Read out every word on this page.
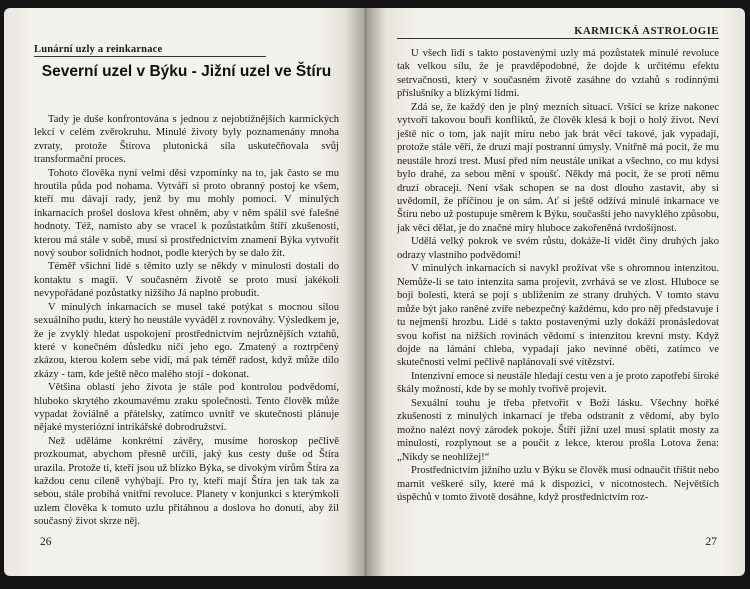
Lunární uzly a reinkarnace
Severní uzel v Býku - Jižní uzel ve Štíru

Tady je duše konfrontována s jednou z nejobtížnějších karmických lekcí v celém zvěrokruhu. Minulé životy byly poznamenány mnoha zvraty, protože Štírova plutonická síla uskutečňovala svůj transformační proces.

Tohoto člověka nyní velmi děsí vzpomínky na to, jak často se mu hroutila půda pod nohama. Vytváří si proto obranný postoj ke všem, kteří mu dávají rady, jenž by mu mohly pomoci. V minulých inkarnacích prošel doslova křest ohněm, aby v něm spálil své falešné hodnoty. Též, namísto aby se vracel k pozůstatkům štíří zkušenosti, kterou má stále v sobě, musí si prostřednictvím znamení Býka vytvořit nový soubor solidních hodnot, podle kterých by se dalo žít.

Téměř všichni lidé s těmito uzly se někdy v minulosti dostali do kontaktu s magií. V současném životě se proto musí jakékoli nevypořádané pozůstatky nižšího Já naplno probudit.

V minulých inkarnacích se musel také potýkat s mocnou silou sexuálního pudu, který ho neustále vyváděl z rovnováhy. Výsledkem je, že je zvyklý hledat uspokojení prostřednictvím nejrůznějších vztahů, které v konečném důsledku ničí jeho ego. Zmatený a roztrpčený zkázou, kterou kolem sebe vidí, má pak téměř radost, když může dílo zkázy - tam, kde ještě něco malého stojí - dokonat.

Většina oblastí jeho života je stále pod kontrolou podvědomí, hluboko skrytého zkoumavému zraku společnosti. Tento člověk může vypadat žoviálně a přátelsky, zatímco uvnitř ve skutečnosti plánuje nějaké mysteriózní intrikářské dobrodružství.

Než uděláme konkrétní závěry, musíme horoskop pečlivě prozkoumat, abychom přesně určili, jaký kus cesty duše od Štíra urazila. Protože ti, kteří jsou už blízko Býka, se divokým vírům Štíra za každou cenu cíleně vyhýbají. Pro ty, kteří mají Štíra jen tak tak za sebou, stále probíhá vnitřní revoluce. Planety v konjunkci s kterýmkoli uzlem člověka k tomuto uzlu přitáhnou a doslova ho donutí, aby žil současný život skrze něj.

26
KARMICKÁ ASTROLOGIE

U všech lidí s takto postavenými uzly má pozůstatek minulé revoluce tak velkou sílu, že je pravděpodobné, že dojde k určitému efektu setrvačnosti, který v současném životě zasáhne do vztahů s rodinnými příslušníky a blízkými lidmi.

Zdá se, že každý den je plný mezních situací. Vršící se krize nakonec vytvoří takovou bouři konfliktů, že člověk klesá k boji o holý život. Neví ještě nic o tom, jak najít míru nebo jak brát věci takové, jak vypadají, protože stále věří, že druzí mají postranní úmysly. Vnitřně má pocit, že mu neustále hrozí trest. Musí před ním neustále unikat a všechno, co mu kdysi bylo drahé, za sebou mění v spoušť. Někdy má pocit, že se proti němu druzí obracejí. Není však schopen se na dost dlouho zastavit, aby si uvědomil, že příčinou je on sám. Ať si ještě odžívá minulé inkarnace ve Štíru nebo už postupuje směrem k Býku, současští jeho navyklého způsobu, jak věci dělat, je do značné míry hluboce zakořeněná tvrdošíjnost.

Udělá velký pokrok ve svém růstu, dokáže-li vidět činy druhých jako odrazy vlastního podvědomí!

V minulých inkarnacích si navykl prožívat vše s ohromnou intenzitou. Nemůže-li se tato intenzita sama projevit, zvrhává se ve zlost. Hluboce se bojí bolesti, která se pojí s ubližením ze strany druhých. V tomto stavu může být jako raněné zvíře nebezpečný každému, kdo pro něj představuje i tu nejmenší hrozbu. Lidé s takto postavenými uzly dokáží pronásledovat svou kořist na nižších rovinách vědomí s intenzitou krevní msty. Když dojde na lámání chleba, vypadají jako nevinné oběti, zatímco ve skutečnosti velmi pečlivě naplánovali své vítězství.

Intenzivní emoce si neustále hledají cestu ven a je proto zapotřebí široké škály možností, kde by se mohly tvořivě projevit.

Sexuální touhu je třeba přetvořit v Boží lásku. Všechny hořké zkušenosti z minulých inkarnací je třeba odstranit z vědomí, aby bylo možno nalézt nový zárodek pokoje. Štíří jižní uzel musí splatit mosty za minulostí, rozplynout se a poučit z lekce, kterou prošla Lotova žena: „Nikdy se neohlížej!“

Prostřednictvím jižního uzlu v Býku se člověk musí odnaučit tříštit nebo marnit veškeré síly, které má k dispozici, v nicotnostech. Největších úspěchů v tomto životě dosáhne, když prostřednictvím roz-

27
